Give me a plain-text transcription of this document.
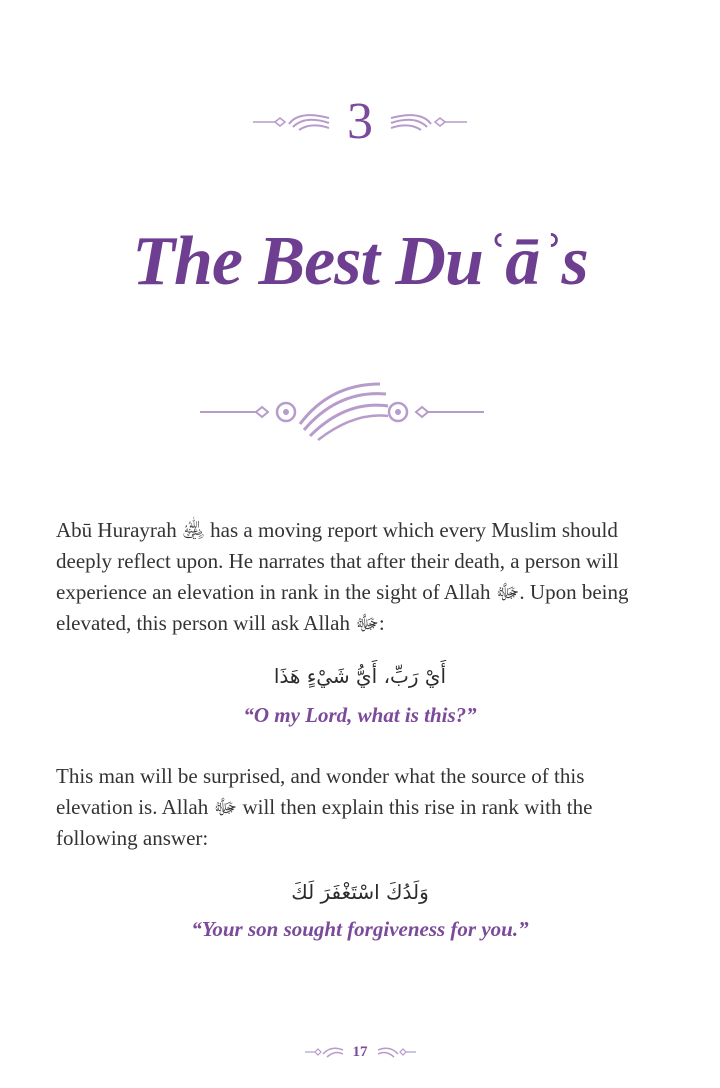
3
The Best Duʿāʾs

Abū Hurayrah ﵁ has a moving report which every Muslim should deeply reflect upon. He narrates that after their death, a person will experience an elevation in rank in the sight of Allah ﷻ. Upon being elevated, this person will ask Allah ﷻ:

أَيْ رَبِّ، أَيُّ شَيْءٍ هَذَا

“O my Lord, what is this?”

This man will be surprised, and wonder what the source of this elevation is. Allah ﷻ will then explain this rise in rank with the following answer:

وَلَدُكَ اسْتَغْفَرَ لَكَ

“Your son sought forgiveness for you.”

17
